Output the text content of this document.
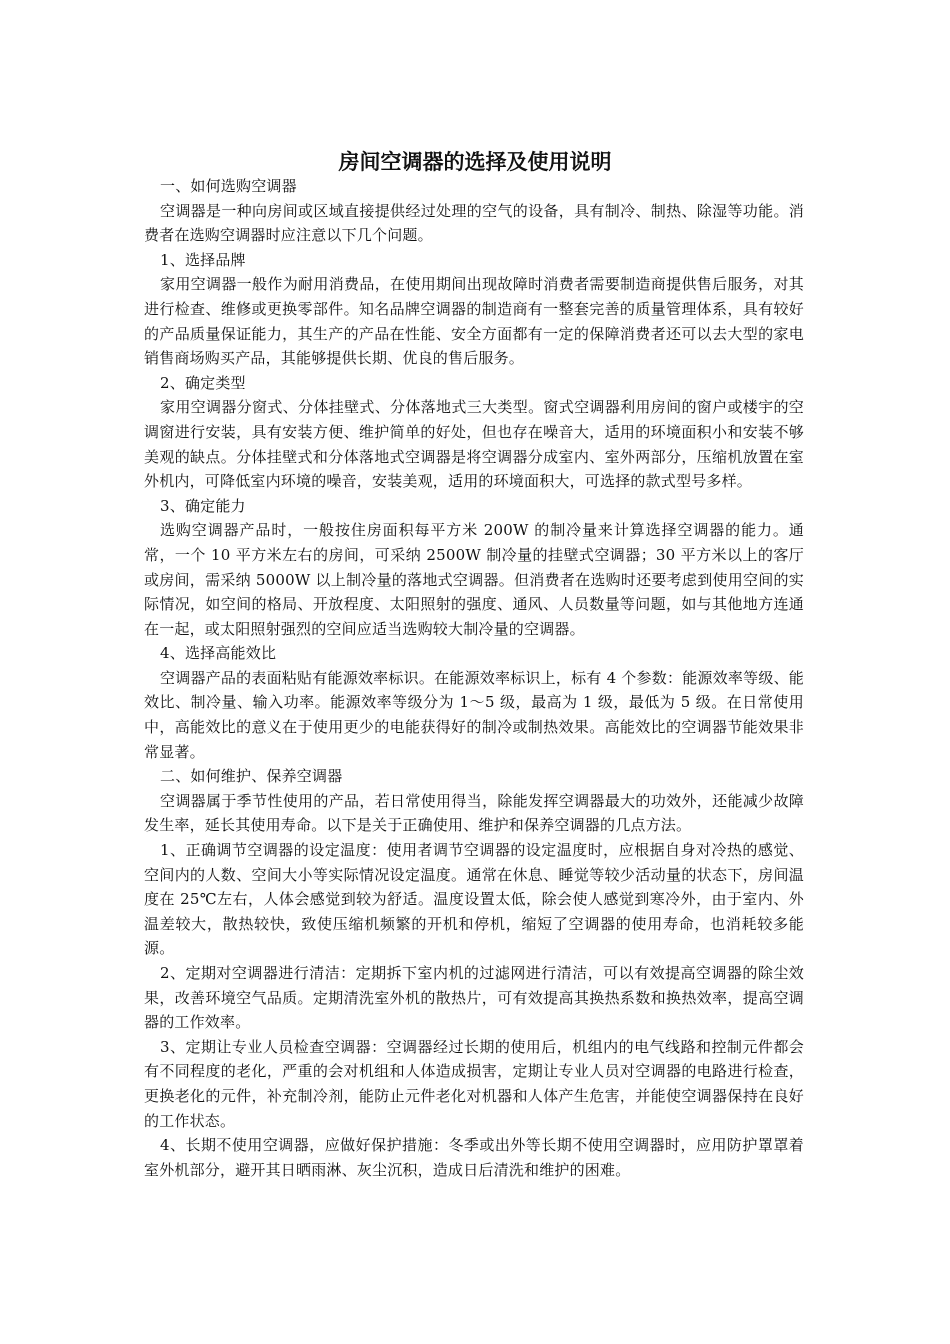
房间空调器的选择及使用说明

一、如何选购空调器

空调器是一种向房间或区域直接提供经过处理的空气的设备，具有制冷、制热、除湿等功能。消费者在选购空调器时应注意以下几个问题。

1、选择品牌

家用空调器一般作为耐用消费品，在使用期间出现故障时消费者需要制造商提供售后服务，对其进行检查、维修或更换零部件。知名品牌空调器的制造商有一整套完善的质量管理体系，具有较好的产品质量保证能力，其生产的产品在性能、安全方面都有一定的保障消费者还可以去大型的家电销售商场购买产品，其能够提供长期、优良的售后服务。

2、确定类型

家用空调器分窗式、分体挂壁式、分体落地式三大类型。窗式空调器利用房间的窗户或楼宇的空调窗进行安装，具有安装方便、维护简单的好处，但也存在噪音大，适用的环境面积小和安装不够美观的缺点。分体挂壁式和分体落地式空调器是将空调器分成室内、室外两部分，压缩机放置在室外机内，可降低室内环境的噪音，安装美观，适用的环境面积大，可选择的款式型号多样。

3、确定能力

选购空调器产品时，一般按住房面积每平方米 200W 的制冷量来计算选择空调器的能力。通常，一个 10 平方米左右的房间，可采纳 2500W 制冷量的挂壁式空调器；30 平方米以上的客厅或房间，需采纳 5000W 以上制冷量的落地式空调器。但消费者在选购时还要考虑到使用空间的实际情况，如空间的格局、开放程度、太阳照射的强度、通风、人员数量等问题，如与其他地方连通在一起，或太阳照射强烈的空间应适当选购较大制冷量的空调器。

4、选择高能效比

空调器产品的表面粘贴有能源效率标识。在能源效率标识上，标有 4 个参数：能源效率等级、能效比、制冷量、输入功率。能源效率等级分为 1～5 级，最高为 1 级，最低为 5 级。在日常使用中，高能效比的意义在于使用更少的电能获得好的制冷或制热效果。高能效比的空调器节能效果非常显著。

二、如何维护、保养空调器

空调器属于季节性使用的产品，若日常使用得当，除能发挥空调器最大的功效外，还能减少故障发生率，延长其使用寿命。以下是关于正确使用、维护和保养空调器的几点方法。

1、正确调节空调器的设定温度：使用者调节空调器的设定温度时，应根据自身对冷热的感觉、空间内的人数、空间大小等实际情况设定温度。通常在休息、睡觉等较少活动量的状态下，房间温度在 25℃左右，人体会感觉到较为舒适。温度设置太低，除会使人感觉到寒冷外，由于室内、外温差较大，散热较快，致使压缩机频繁的开机和停机，缩短了空调器的使用寿命，也消耗较多能源。

2、定期对空调器进行清洁：定期拆下室内机的过滤网进行清洁，可以有效提高空调器的除尘效果，改善环境空气品质。定期清洗室外机的散热片，可有效提高其换热系数和换热效率，提高空调器的工作效率。

3、定期让专业人员检查空调器：空调器经过长期的使用后，机组内的电气线路和控制元件都会有不同程度的老化，严重的会对机组和人体造成损害，定期让专业人员对空调器的电路进行检查，更换老化的元件，补充制冷剂，能防止元件老化对机器和人体产生危害，并能使空调器保持在良好的工作状态。

4、长期不使用空调器，应做好保护措施：冬季或出外等长期不使用空调器时，应用防护罩罩着室外机部分，避开其日晒雨淋、灰尘沉积，造成日后清洗和维护的困难。
